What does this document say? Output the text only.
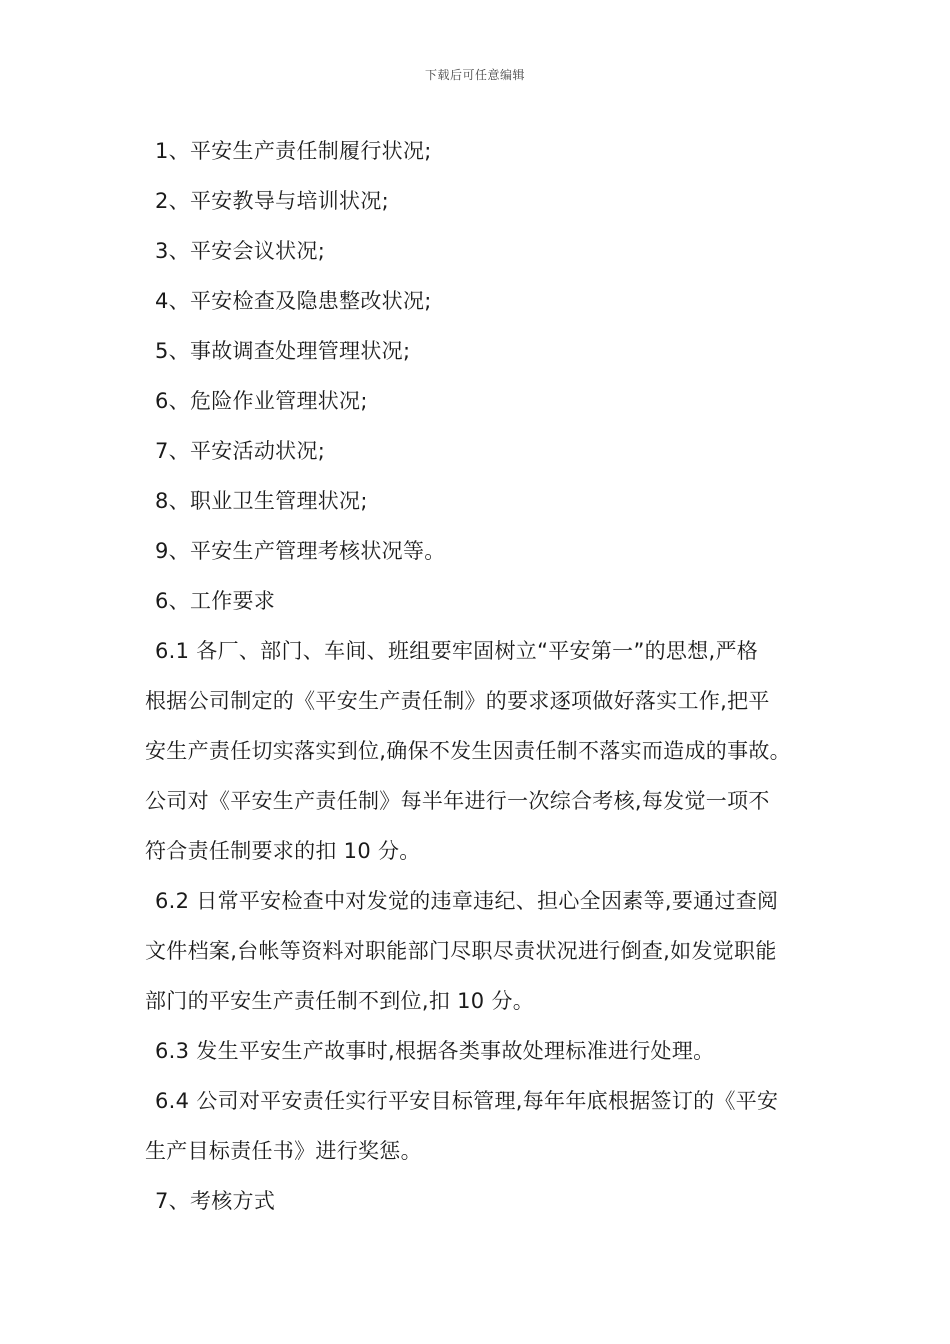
下载后可任意编辑
1、平安生产责任制履行状况;
2、平安教导与培训状况;
3、平安会议状况;
4、平安检查及隐患整改状况;
5、事故调查处理管理状况;
6、危险作业管理状况;
7、平安活动状况;
8、职业卫生管理状况;
9、平安生产管理考核状况等。
6、工作要求
6.1 各厂、部门、车间、班组要牢固树立“平安第一”的思想,严格
根据公司制定的《平安生产责任制》的要求逐项做好落实工作,把平
安生产责任切实落实到位,确保不发生因责任制不落实而造成的事故。
公司对《平安生产责任制》每半年进行一次综合考核,每发觉一项不
符合责任制要求的扣 10 分。
6.2 日常平安检查中对发觉的违章违纪、担心全因素等,要通过查阅
文件档案,台帐等资料对职能部门尽职尽责状况进行倒查,如发觉职能
部门的平安生产责任制不到位,扣 10 分。
6.3 发生平安生产故事时,根据各类事故处理标准进行处理。
6.4 公司对平安责任实行平安目标管理,每年年底根据签订的《平安
生产目标责任书》进行奖惩。
7、考核方式
